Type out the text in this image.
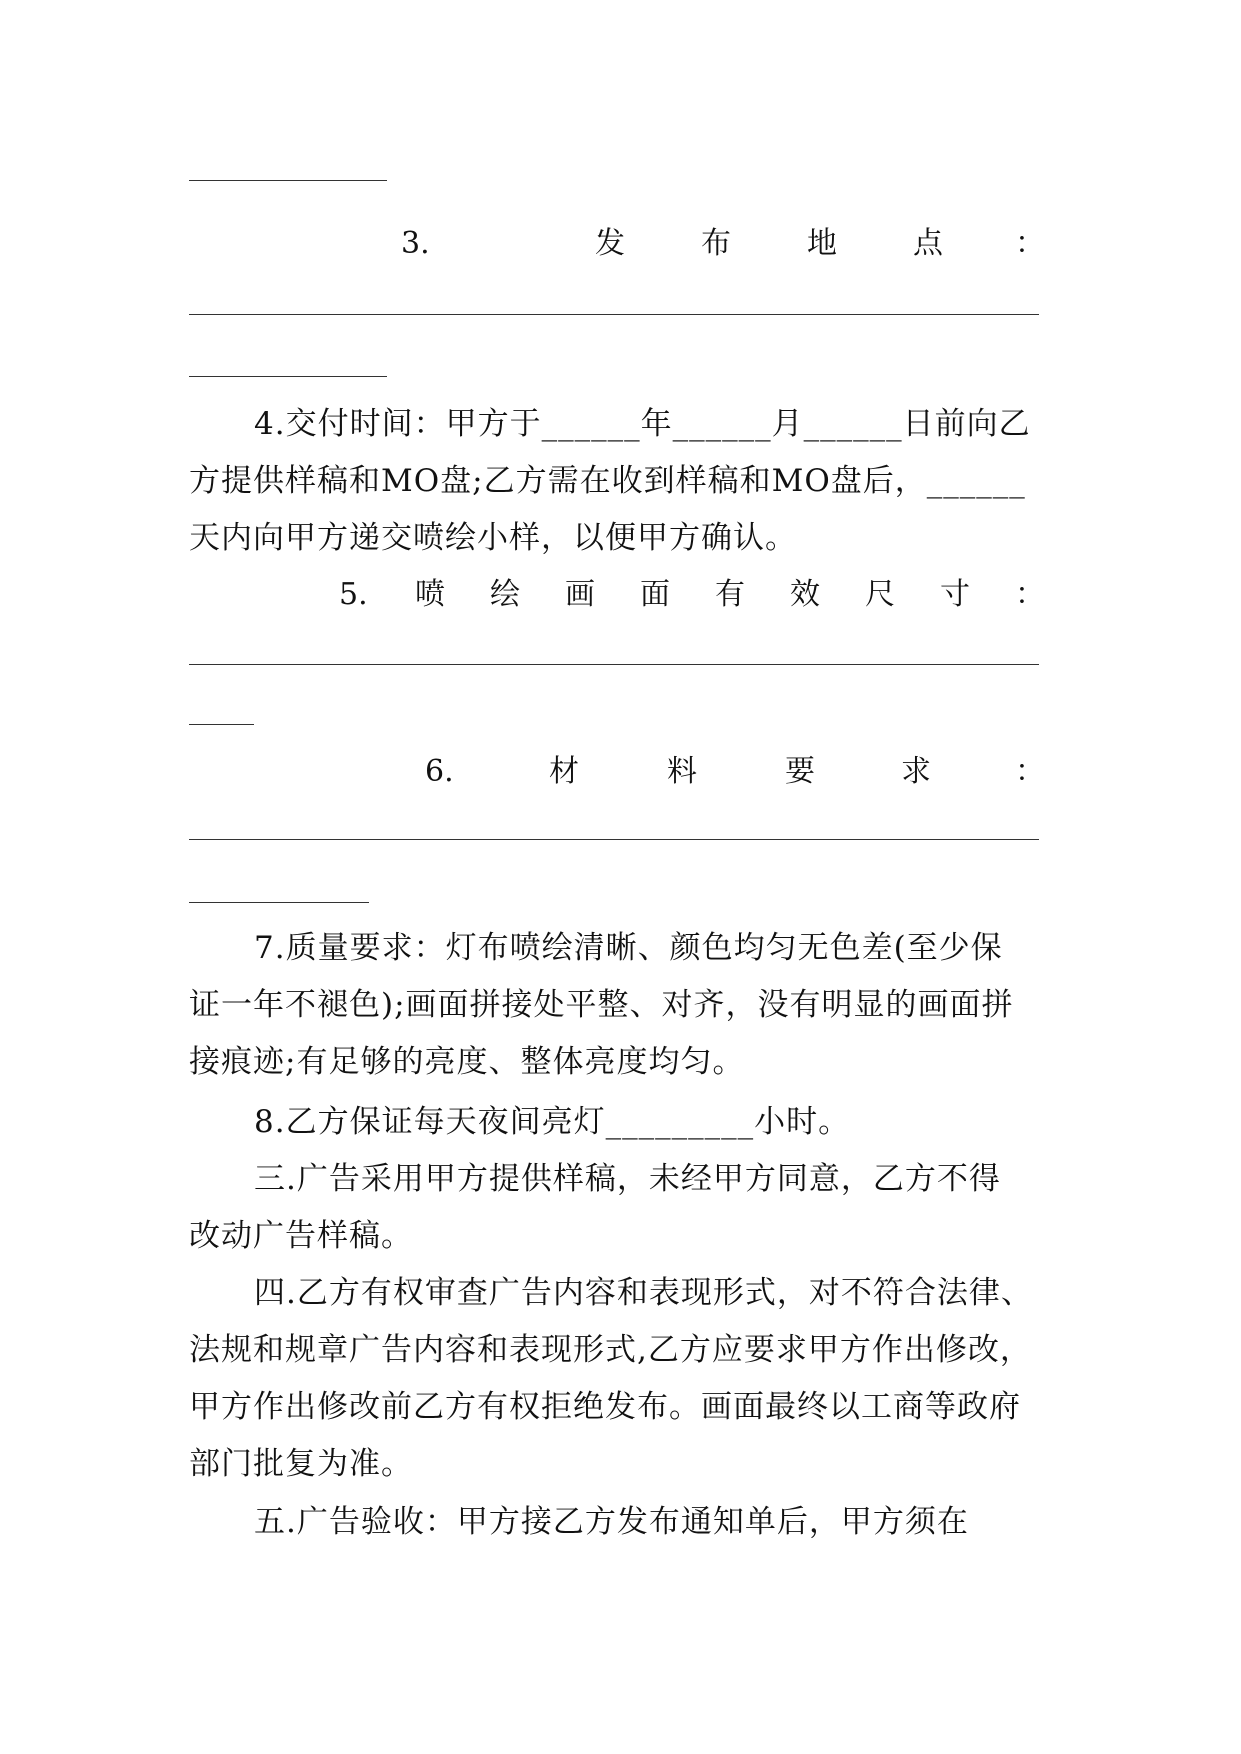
3.	发	布	地	点 ：

4.交付时间：甲方于______年______月______日前向乙
方提供样稿和MO盘;乙方需在收到样稿和MO盘后，______
天内向甲方递交喷绘小样，以便甲方确认。

5. 喷 绘 画 面 有 效 尺 寸 ：
6.	材	料	要	求	：

7.质量要求：灯布喷绘清晰、颜色均匀无色差(至少保
证一年不褪色);画面拼接处平整、对齐，没有明显的画面拼
接痕迹;有足够的亮度、整体亮度均匀。

8.乙方保证每天夜间亮灯_________小时。

三.广告采用甲方提供样稿，未经甲方同意，乙方不得
改动广告样稿。

四.乙方有权审查广告内容和表现形式，对不符合法律、
法规和规章广告内容和表现形式,乙方应要求甲方作出修改，
甲方作出修改前乙方有权拒绝发布。画面最终以工商等政府
部门批复为准。

五.广告验收：甲方接乙方发布通知单后，甲方须在
